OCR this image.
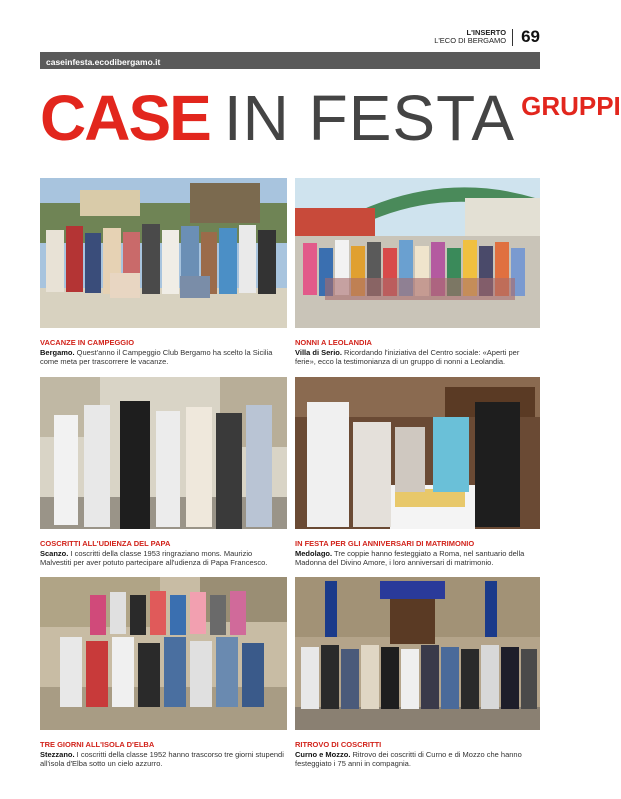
L'INSERTO
L'ECO DI BERGAMO 69
caseinfesta.ecodibergamo.it
CASE IN FESTA GRUPPI
VACANZE IN CAMPEGGIO
Bergamo. Quest'anno il Campeggio Club Bergamo ha scelto la Sicilia come meta per trascorrere le vacanze.
NONNI A LEOLANDIA
Villa di Serio. Ricordando l'iniziativa del Centro sociale: «Aperti per ferie», ecco la testimonianza di un gruppo di nonni a Leolandia.
COSCRITTI ALL'UDIENZA DEL PAPA
Scanzo. I coscritti della classe 1953 ringraziano mons. Maurizio Malvestiti per aver potuto partecipare all'udienza di Papa Francesco.
IN FESTA PER GLI ANNIVERSARI DI MATRIMONIO
Medolago. Tre coppie hanno festeggiato a Roma, nel santuario della Madonna del Divino Amore, i loro anniversari di matrimonio.
TRE GIORNI ALL'ISOLA D'ELBA
Stezzano. I coscritti della classe 1952 hanno trascorso tre giorni stupendi all'isola d'Elba sotto un cielo azzurro.
RITROVO DI COSCRITTI
Curno e Mozzo. Ritrovo dei coscritti di Curno e di Mozzo che hanno festeggiato i 75 anni in compagnia.
